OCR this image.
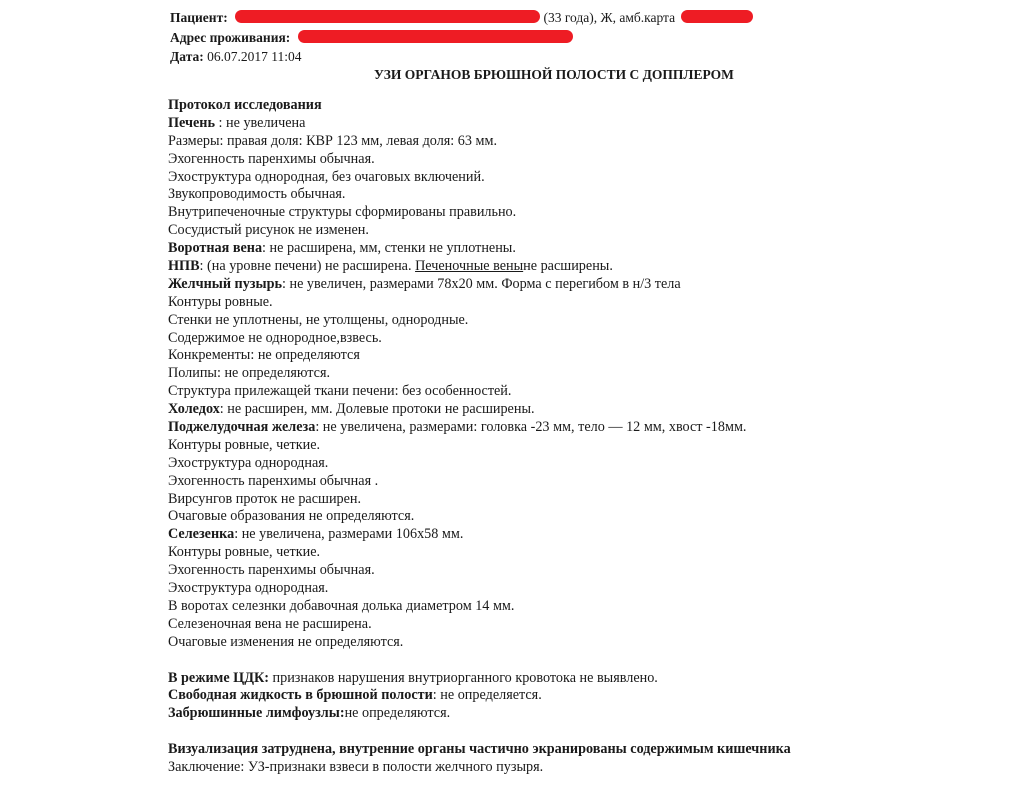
Пациент:	(33 года), Ж, амб.карта
Адрес проживания:
Дата: 06.07.2017 11:04
УЗИ ОРГАНОВ БРЮШНОЙ ПОЛОСТИ С ДОППЛЕРОМ
Протокол исследования
Печень : не увеличена
Размеры: правая доля: КВР 123 мм, левая доля: 63 мм.
Эхогенность паренхимы обычная.
Эхоструктура однородная, без очаговых включений.
Звукопроводимость обычная.
Внутрипеченочные структуры сформированы правильно.
Сосудистый рисунок не изменен.
Воротная вена: не расширена, мм, стенки не уплотнены.
НПВ: (на уровне печени) не расширена. Печеночные веныне расширены.
Желчный пузырь: не увеличен, размерами 78х20 мм. Форма с перегибом в н/3 тела
Контуры ровные.
Стенки не уплотнены, не утолщены, однородные.
Содержимое не однородное,взвесь.
Конкременты: не определяются
Полипы: не определяются.
Структура прилежащей ткани печени: без особенностей.
Холедох: не расширен, мм. Долевые протоки не расширены.
Поджелудочная железа: не увеличена, размерами: головка -23 мм, тело — 12 мм, хвост -18мм.
Контуры ровные, четкие.
Эхоструктура однородная.
Эхогенность паренхимы обычная .
Вирсунгов проток не расширен.
Очаговые образования не определяются.
Селезенка: не увеличена, размерами 106х58 мм.
Контуры ровные, четкие.
Эхогенность паренхимы обычная.
Эхоструктура однородная.
В воротах селезнки добавочная долька диаметром 14 мм.
Селезеночная вена не расширена.
Очаговые изменения не определяются.
В режиме ЦДК: признаков нарушения внутриорганного кровотока не выявлено.
Свободная жидкость в брюшной полости: не определяется.
Забрюшинные лимфоузлы:не определяются.
Визуализация затруднена, внутренние органы частично экранированы содержимым кишечника
Заключение: УЗ-признаки взвеси в полости желчного пузыря.
